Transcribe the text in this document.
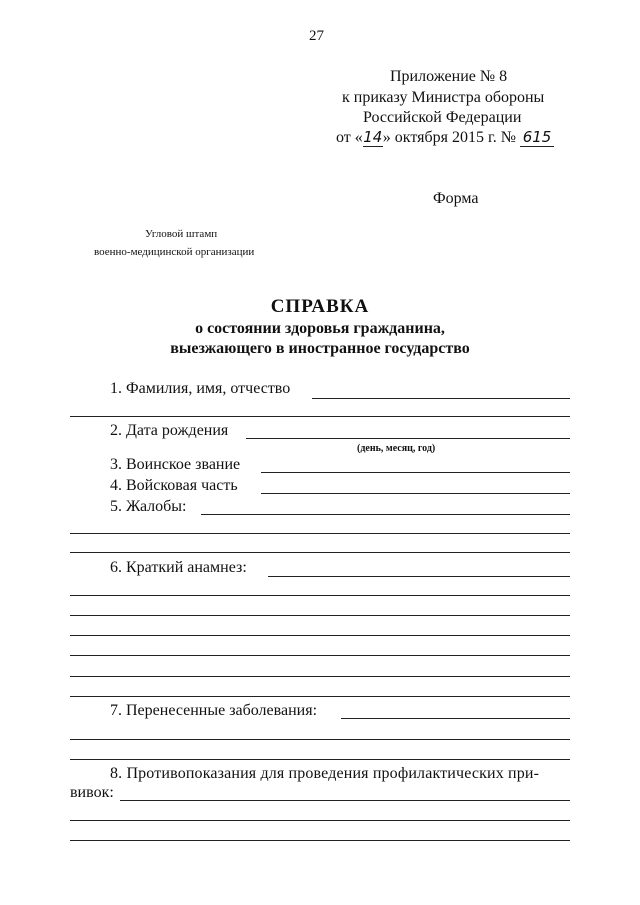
27
Приложение № 8
к приказу Министра обороны
Российской Федерации
от «14» октября 2015 г. № 615
Форма
Угловой штамп
военно-медицинской организации
СПРАВКА
о состоянии здоровья гражданина,
выезжающего в иностранное государство
1. Фамилия, имя, отчество
2. Дата рождения
(день, месяц, год)
3. Воинское звание
4. Войсковая часть
5. Жалобы:
6. Краткий анамнез:
7. Перенесенные заболевания:
8. Противопоказания для проведения профилактических при-
вивок:
